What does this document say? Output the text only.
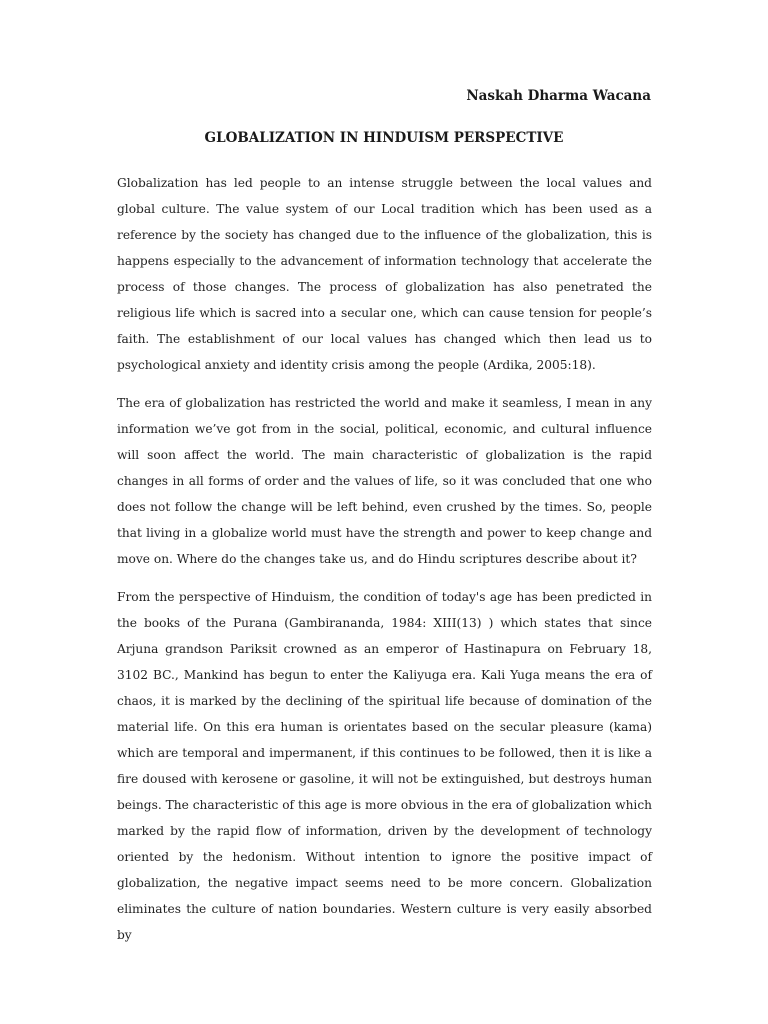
Naskah Dharma Wacana
GLOBALIZATION IN HINDUISM PERSPECTIVE

Globalization has led people to an intense struggle between the local values and global culture. The value system of our Local tradition which has been used as a reference by the society has changed due to the influence of the globalization, this is happens especially to the advancement of information technology that accelerate the process of those changes. The process of globalization has also penetrated the religious life which is sacred into a secular one, which can cause tension for people’s faith. The establishment of our local values has changed which then lead us to psychological anxiety and identity crisis among the people (Ardika, 2005:18).

The era of globalization has restricted the world and make it seamless, I mean in any information we’ve got from in the social, political, economic, and cultural influence will soon affect the world. The main characteristic of globalization is the rapid changes in all forms of order and the values of life, so it was concluded that one who does not follow the change will be left behind, even crushed by the times. So, people that living in a globalize world must have the strength and power to keep change and move on. Where do the changes take us, and do Hindu scriptures describe about it?

From the perspective of Hinduism, the condition of today's age has been predicted in the books of the Purana (Gambirananda, 1984: XIII(13) ) which states that since Arjuna grandson Pariksit crowned as an emperor of Hastinapura on February 18, 3102 BC., Mankind has begun to enter the Kaliyuga era. Kali Yuga means the era of chaos, it is marked by the declining of the spiritual life because of domination of the material life. On this era human is orientates based on the secular pleasure (kama) which are temporal and impermanent, if this continues to be followed, then it is like a fire doused with kerosene or gasoline, it will not be extinguished, but destroys human beings. The characteristic of this age is more obvious in the era of globalization which marked by the rapid flow of information, driven by the development of technology oriented by the hedonism. Without intention to ignore the positive impact of globalization, the negative impact seems need to be more concern. Globalization eliminates the culture of nation boundaries. Western culture is very easily absorbed by
